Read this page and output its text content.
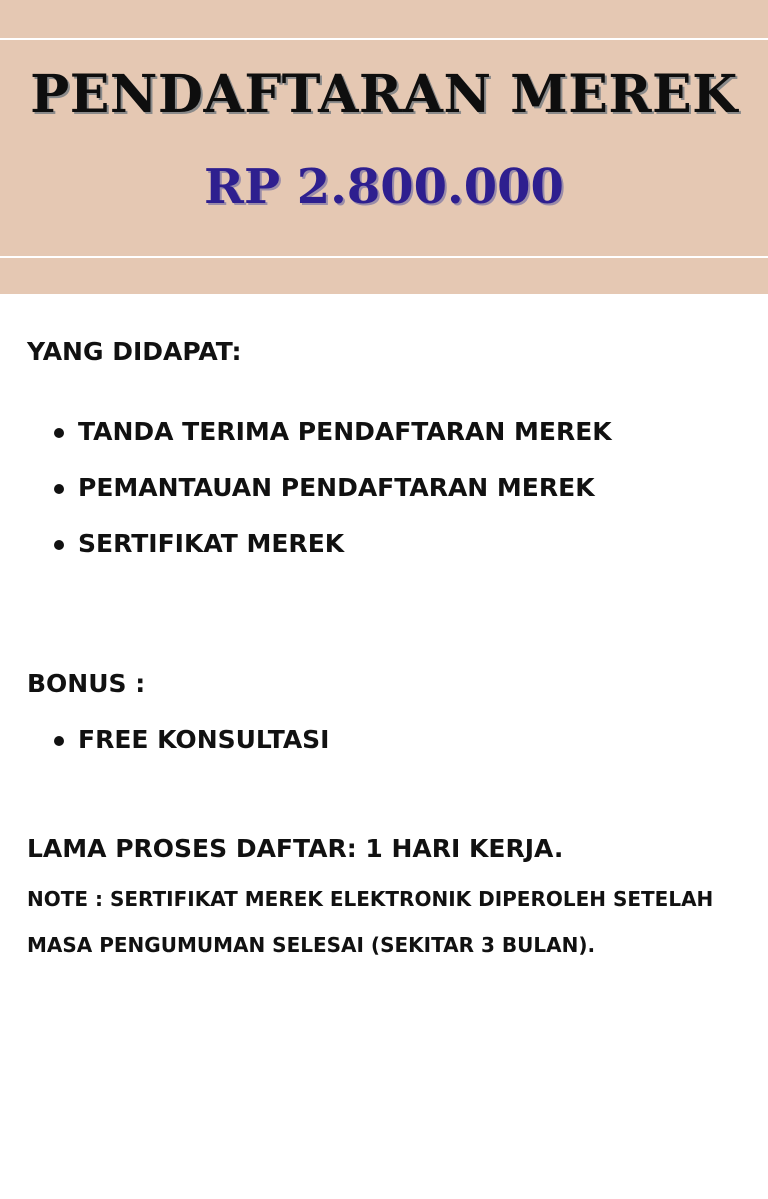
PENDAFTARAN MEREK
RP 2.800.000
YANG DIDAPAT:
TANDA TERIMA PENDAFTARAN MEREK
PEMANTAUAN PENDAFTARAN MEREK
SERTIFIKAT MEREK
BONUS :
FREE KONSULTASI
LAMA PROSES DAFTAR: 1 HARI KERJA.
NOTE : SERTIFIKAT MEREK ELEKTRONIK DIPEROLEH SETELAH
MASA PENGUMUMAN SELESAI (SEKITAR 3 BULAN).
